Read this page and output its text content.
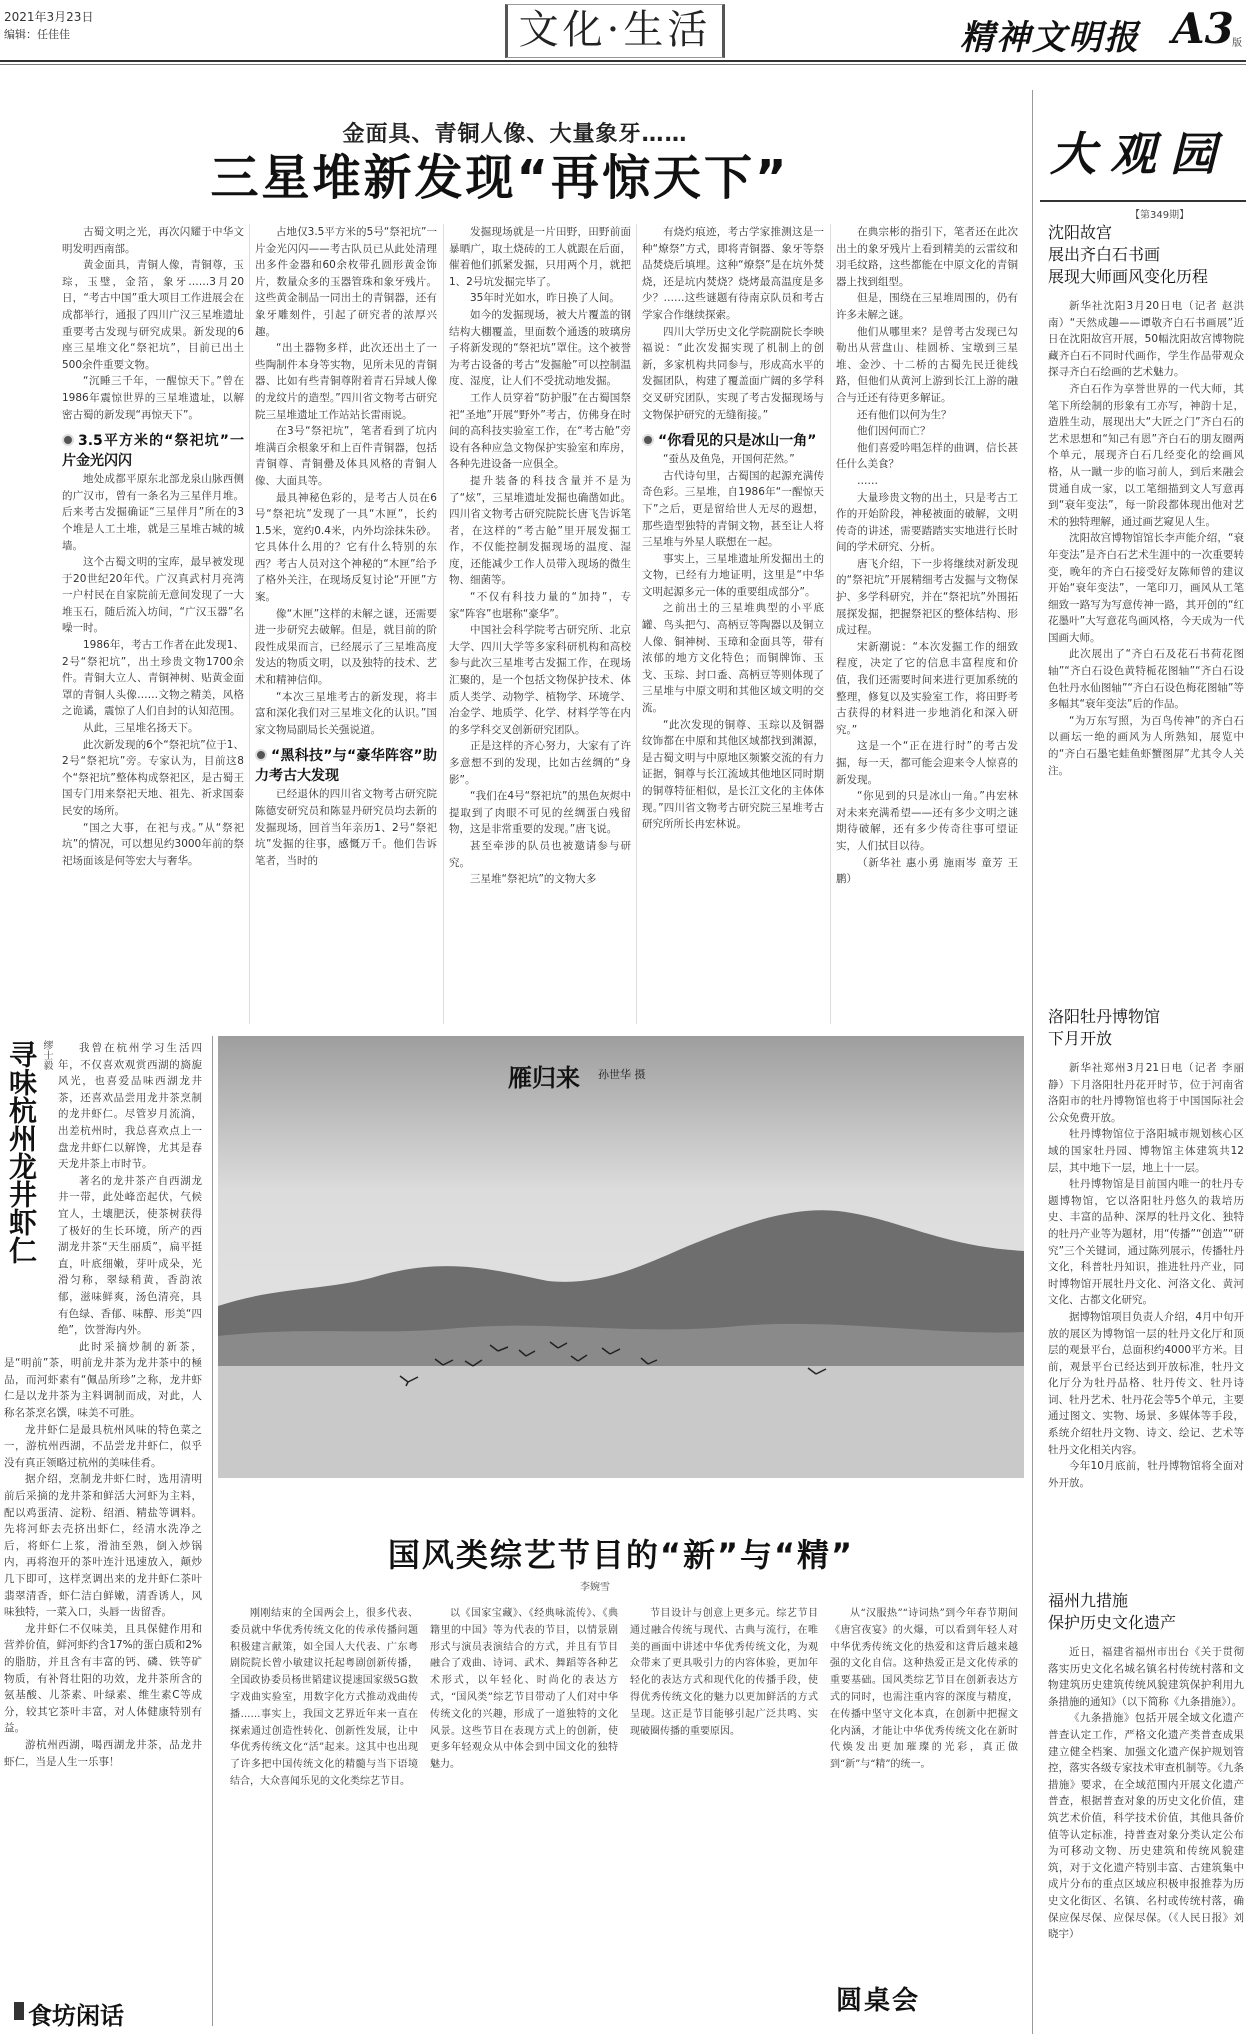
2021年3月23日
编辑：任佳佳	文化·生活	精神文明报 A3
版
金面具、青铜人像、大量象牙……
三星堆新发现“再惊天下”

古蜀文明之光，再次闪耀于中华文明发明西南部。

黄金面具，青铜人像，青铜尊，玉琮，玉璧，金箔，象牙……3月20日，“考古中国”重大项目工作进展会在成都举行，通报了四川广汉三星堆遗址重要考古发现与研究成果。新发现的6座三星堆文化“祭祀坑”，目前已出土500余件重要文物。

“沉睡三千年，一醒惊天下。”曾在1986年震惊世界的三星堆遗址，以解密古蜀的新发现“再惊天下”。

3.5平方米的“祭祀坑”一片金光闪闪

地处成都平原东北部龙泉山脉西侧的广汉市，曾有一条名为三星伴月堆。后来考古发掘确证“三星伴月”所在的3个堆是人工土堆，就是三星堆古城的城墙。

这个古蜀文明的宝库，最早被发现于20世纪20年代。广汉真武村月亮湾一户村民在自家院前无意间发现了一大堆玉石，随后流入坊间，“广汉玉器”名噪一时。

1986年，考古工作者在此发现1、2号“祭祀坑”，出土珍贵文物1700余件。青铜大立人、青铜神树、贴黄金面罩的青铜人头像……文物之精美，风格之诡谲，震惊了人们自封的认知范围。

从此，三星堆名扬天下。

此次新发现的6个“祭祀坑”位于1、2号“祭祀坑”旁。专家认为，目前这8个“祭祀坑”整体构成祭祀区，是古蜀王国专门用来祭祀天地、祖先、祈求国泰民安的场所。

“国之大事，在祀与戎。”从“祭祀坑”的情况，可以想见约3000年前的祭祀场面该是何等宏大与奢华。

占地仅3.5平方米的5号“祭祀坑”一片金光闪闪——考古队员已从此处清理出多件金器和60余枚带孔圆形黄金饰片，数量众多的玉器管珠和象牙残片。这些黄金制品一同出土的青铜器，还有象牙雕刻件，引起了研究者的浓厚兴趣。

“出土器物多样，此次还出土了一些陶制件本身等实物，见所未见的青铜器、比如有些青铜尊附着青石异域人像的龙纹片的造型。”四川省文物考古研究院三星堆遗址工作站站长雷雨说。

在3号“祭祀坑”，笔者看到了坑内堆满百余根象牙和上百件青铜器，包括青铜尊、青铜罍及体具风格的青铜人像、大面具等。

最具神秘色彩的，是考古人员在6号“祭祀坑”发现了一具“木匣”，长约1.5米，宽约0.4米，内外均涂抹朱砂。它具体什么用的？它有什么特别的东西？考古人员对这个神秘的“木匣”给予了格外关注，在现场反复讨论“开匣”方案。

像“木匣”这样的未解之谜，还需要进一步研究去破解。但是，就目前的阶段性成果而言，已经展示了三星堆高度发达的物质文明，以及独特的技术、艺术和精神信仰。

“本次三星堆考古的新发现，将丰富和深化我们对三星堆文化的认识。”国家文物局副局长关强说道。

“黑科技”与“豪华阵容”助力考古大发现

已经退休的四川省文物考古研究院陈德安研究员和陈显丹研究员均去新的发掘现场，回首当年亲历1、2号“祭祀坑”发掘的往事，感慨万千。他们告诉笔者，当时的

发掘现场就是一片田野，田野前面暴晒广，取土烧砖的工人就跟在后面，催着他们抓紧发掘，只用两个月，就把1、2号坑发掘完毕了。

35年时光如水，昨日换了人间。

如今的发掘现场，被大片覆盖的钢结构大棚覆盖，里面数个通透的玻璃房子将新发现的“祭祀坑”罩住。这个被誉为考古设备的考古“发掘舱”可以控制温度、湿度，让人们不受扰动地发掘。

工作人员穿着“防护服”在古蜀国祭祀“圣地”开展“野外”考古，仿佛身在时间的高科技实验室工作，在“考古舱”旁设有各种应急文物保护实验室和库房，各种先进设备一应俱全。

提升装备的科技含量并不是为了“炫”，三星堆遗址发掘也确凿如此。四川省文物考古研究院院长唐飞告诉笔者，在这样的“考古舱”里开展发掘工作，不仅能控制发掘现场的温度、湿度，还能减少工作人员带入现场的微生物、细菌等。

“不仅有科技力量的“加持”，专家“阵容”也堪称“豪华”。

中国社会科学院考古研究所、北京大学、四川大学等多家科研机构和高校参与此次三星堆考古发掘工作，在现场汇聚的，是一个包括文物保护技术、体质人类学、动物学、植物学、环境学、冶金学、地质学、化学、材料学等在内的多学科交叉创新研究团队。

正是这样的齐心努力，大家有了许多意想不到的发现，比如古丝绸的“身影”。

“我们在4号“祭祀坑”的黑色灰烬中提取到了肉眼不可见的丝绸蛋白残留物，这是非常重要的发现。”唐飞说。

甚至牵涉的队员也被邀请参与研究。

三星堆“祭祀坑”的文物大多

有烧灼痕迹，考古学家推测这是一种“燎祭”方式，即将青铜器、象牙等祭品焚烧后填埋。这种“燎祭”是在坑外焚烧，还是坑内焚烧？烧烤最高温度是多少？……这些谜题有待南京队员和考古学家合作继续探索。

四川大学历史文化学院副院长李映福说：“此次发掘实现了机制上的创新，多家机构共同参与，形成高水平的发掘团队，构建了覆盖面广阔的多学科交叉研究团队，实现了考古发掘现场与文物保护研究的无缝衔接。”

“你看见的只是冰山一角”

“蚕丛及鱼凫，开国何茫然。”

古代诗句里，古蜀国的起源充满传奇色彩。三星堆，自1986年“一醒惊天下”之后，更是留给世人无尽的遐想，那些造型独特的青铜文物，甚至让人将三星堆与外星人联想在一起。

事实上，三星堆遗址所发掘出土的文物，已经有力地证明，这里是“中华文明起源多元一体的重要组成部分”。

之前出土的三星堆典型的小平底罐、鸟头把勺、高柄豆等陶器以及铜立人像、铜神树、玉璋和金面具等，带有浓郁的地方文化特色；而铜牌饰、玉戈、玉琮、封口盉、高柄豆等则体现了三星堆与中原文明和其他区域文明的交流。

“此次发现的铜尊、玉琮以及铜器纹饰都在中原和其他区域都找到渊源，是古蜀文明与中原地区频繁交流的有力证据，铜尊与长江流域其他地区同时期的铜尊特征相似，是长江文化的主体体现。”四川省文物考古研究院三星堆考古研究所所长冉宏林说。

在典宗彬的指引下，笔者还在此次出土的象牙残片上看到精美的云雷纹和羽毛纹路，这些都能在中原文化的青铜器上找到组型。

但是，围绕在三星堆周围的，仍有许多未解之谜。

他们从哪里来？是曾考古发现已勾勒出从营盘山、桂圆桥、宝墩到三星堆、金沙、十二桥的古蜀先民迁徙线路，但他们从黄河上游到长江上游的融合与迁还有待更多解证。

还有他们以何为生？

他们因何而亡？

他们喜爱吟唱怎样的曲调，信长甚任什么美食？

……

大量珍贵文物的出土，只是考古工作的开始阶段，神秘被面的破解，文明传奇的讲述，需要踏踏实实地进行长时间的学术研究、分析。

唐飞介绍，下一步将继续对新发现的“祭祀坑”开展精细考古发掘与文物保护、多学科研究，并在“祭祀坑”外围拓展探发掘，把握祭祀区的整体结构、形成过程。

宋新潮说：“本次发掘工作的细致程度，决定了它的信息丰富程度和价值，我们还需要时间来进行更加系统的整理，修复以及实验室工作，将田野考古获得的材料进一步地消化和深入研究。”

这是一个“正在进行时”的考古发掘，每一天，都可能会迎来令人惊喜的新发现。

“你见到的只是冰山一角。”冉宏林对未来充满希望——还有多少文明之谜期待破解，还有多少传奇往事可望证实，人们拭目以待。

（新华社 惠小勇 施雨岑 童芳 王鹏）

大观园
【第349期】
沈阳故宫
展出齐白石书画
展现大师画风变化历程

新华社沈阳3月20日电（记者 赵洪南）“天然成趣——谭敬齐白石书画展”近日在沈阳故宫开展，50幅沈阳故宫博物院藏齐白石不同时代画作，学生作品带观众探寻齐白石绘画的艺术魅力。

齐白石作为享誉世界的一代大师，其笔下所绘制的形象有工亦写，神韵十足，造胜生动，展现出大“大匠之门”齐白石的艺术思想和“知己有恩”齐白石的朋友圈两个单元，展现齐白石几经变化的绘画风格，从一蹴一步的临习前人，到后来融会贯通自成一家，以工笔细描到文人写意再到“衰年变法”，每一阶段都体现出他对艺术的独特理解，通过画艺窥见人生。

沈阳故宫博物馆馆长李声能介绍，“衰年变法”是齐白石艺术生涯中的一次重要转变，晚年的齐白石接受好友陈师曾的建议开始“衰年变法”，一笔印刀，画风从工笔细致一路写为写意传神一路，其开创的“红花墨叶”大写意花鸟画风格，今天成为一代国画大师。

此次展出了“齐白石及花石书荷花图轴”“齐白石设色黄特栀花图轴”“齐白石设色牡丹水仙图轴”“齐白石设色梅花图轴”等多幅其“衰年变法”后的作品。

“为万东写照，为百鸟传神”的齐白石以画坛一绝的画风为人所熟知，展览中的“齐白石墨宅蛙鱼虾蟹图屏”尤其令人关注。

洛阳牡丹博物馆
下月开放

新华社郑州3月21日电（记者 李丽静）下月洛阳牡丹花开时节，位于河南省洛阳市的牡丹博物馆也将于中国国际社会公众免费开放。

牡丹博物馆位于洛阳城市规划核心区域的国家牡丹园、博物馆主体建筑共12层，其中地下一层，地上十一层。

牡丹博物馆是目前国内唯一的牡丹专题博物馆，它以洛阳牡丹悠久的栽培历史、丰富的品种、深厚的牡丹文化、独特的牡丹产业等为题材，用“传播”“创造”“研究”三个关键词，通过陈列展示，传播牡丹文化，科普牡丹知识，推进牡丹产业，同时博物馆开展牡丹文化、河洛文化、黄河文化、古都文化研究。

据博物馆项目负责人介绍，4月中旬开放的展区为博物馆一层的牡丹文化厅和顶层的观景平台，总面积约4000平方米。目前，观景平台已经达到开放标准，牡丹文化厅分为牡丹品格、牡丹传文、牡丹诗词、牡丹艺术、牡丹花会等5个单元，主要通过图文、实物、场景、多媒体等手段，系统介绍牡丹文物、诗文、绘记、艺术等牡丹文化相关内容。

今年10月底前，牡丹博物馆将全面对外开放。

福州九措施
保护历史文化遗产

近日，福建省福州市出台《关于贯彻落实历史文化名城名镇名村传统村落和文物建筑历史建筑传统风貌建筑保护利用九条措施的通知》（以下简称《九条措施》）。

《九条措施》包括开展全域文化遗产普查认定工作，严格文化遗产类普查成果建立健全档案、加强文化遗产保护规划管控，落实各级专家技术审查机制等。《九条措施》要求，在全域范围内开展文化遗产普查，根据普查对象的历史文化价值，建筑艺术价值，科学技术价值，其他具备价值等认定标准，持普查对象分类认定公布为可移动文物、历史建筑和传统风貌建筑，对于文化遗产特别丰富、古建筑集中成片分布的重点区域应积极申报推荐为历史文化街区、名镇、名村或传统村落，确保应保尽保、应保尽保。（《人民日报》刘晓宇）

雁归来 孙世华 摄
寻味杭州龙井虾仁 缪士毅	我曾在杭州学习生活四年，不仅喜欢观赏西湖的旖旎风光，也喜爱品味西湖龙井茶，还喜欢品尝用龙井茶烹制的龙井虾仁。尽管岁月流淌，出差杭州时，我总喜欢点上一盘龙井虾仁以解馋，尤其是春天龙井茶上市时节。

著名的龙井茶产自西湖龙井一带，此处峰峦起伏，气候宜人，土壤肥沃，使茶树获得了极好的生长环境，所产的西湖龙井茶“天生丽质”，扁平挺直，叶底细嫩，芽叶成朵，光滑匀称，翠绿稍黄，香韵浓郁，滋味鲜爽，汤色清亮，具有色绿、香郁、味醇、形美“四绝”，饮誉海内外。

此时采摘炒制的新茶，是“明前”茶，明前龙井茶为龙井茶中的極品，而河虾素有“佩品所珍”之称，龙井虾仁是以龙井茶为主料调制而成，对此，人称名茶烹名馔，味美不可胜。

龙井虾仁是最具杭州风味的特色菜之一，游杭州西湖，不品尝龙井虾仁，似乎没有真正领略过杭州的美味佳肴。

据介绍，烹制龙井虾仁时，选用清明前后采摘的龙井茶和鲜活大河虾为主料，配以鸡蛋清、淀粉、绍酒、精盐等调料。先将河虾去壳挤出虾仁，经清水洗净之后，将虾仁上浆，滑油至熟，倒入炒锅内，再将泡开的茶叶连汁迅速放入，颠炒几下即可，这样烹调出来的龙井虾仁茶叶翡翠清香，虾仁洁白鲜嫩，清香诱人，风味独特，一菜入口，头唇一齿留香。

龙井虾仁不仅味美，且具保健作用和营养价值，鲜河虾约含17%的蛋白质和2%的脂肪，并且含有丰富的钙、磷、铁等矿物质，有补肾壮阳的功效，龙井茶所含的氨基酸、儿茶素、叶绿素、维生素C等成分，较其它茶叶丰富，对人体健康特别有益。

游杭州西湖，喝西湖龙井茶，品龙井虾仁，当是人生一乐事！

食坊闲话
国风类综艺节目的“新”与“精”
李婉雪

刚刚结束的全国两会上，很多代表、委员就中华优秀传统文化的传承传播问题积极建言献策，如全国人大代表、广东粤剧院院长曾小敏建议托起粤剧创新传播，全国政协委员杨世韬建议提速国家级5G数字戏曲实验室，用数字化方式推动戏曲传播……事实上，我国文艺界近年来一直在探索通过创造性转化、创新性发展，让中华优秀传统文化“活”起来。这其中也出现了许多把中国传统文化的精髓与当下语境结合，大众喜闻乐见的文化类综艺节目。

以《国家宝藏》、《经典咏流传》、《典籍里的中国》等为代表的节目，以情景剧形式与演员表演结合的方式，并且有节目融合了戏曲、诗词、武术、舞蹈等各种艺术形式，以年轻化、时尚化的表达方式，“国风类”综艺节目带动了人们对中华传统文化的兴趣，形成了一道独特的文化风景。这些节目在表现方式上的创新，使更多年轻观众从中体会到中国文化的独特魅力。

节目设计与创意上更多元。综艺节目通过融合传统与现代、古典与流行，在唯美的画面中讲述中华优秀传统文化，为观众带来了更具吸引力的内容体验，更加年轻化的表达方式和现代化的传播手段，使得优秀传统文化的魅力以更加鲜活的方式呈现。这正是节目能够引起广泛共鸣、实现破圈传播的重要原因。

从“汉服热”“诗词热”到今年春节期间《唐宫夜宴》的火爆，可以看到年轻人对中华优秀传统文化的热爱和这背后越来越强的文化自信。这种热爱正是文化传承的重要基础。国风类综艺节目在创新表达方式的同时，也需注重内容的深度与精度，在传播中坚守文化本真，在创新中把握文化内涵，才能让中华优秀传统文化在新时代焕发出更加璀璨的光彩，真正做到“新”与“精”的统一。

圆桌会
